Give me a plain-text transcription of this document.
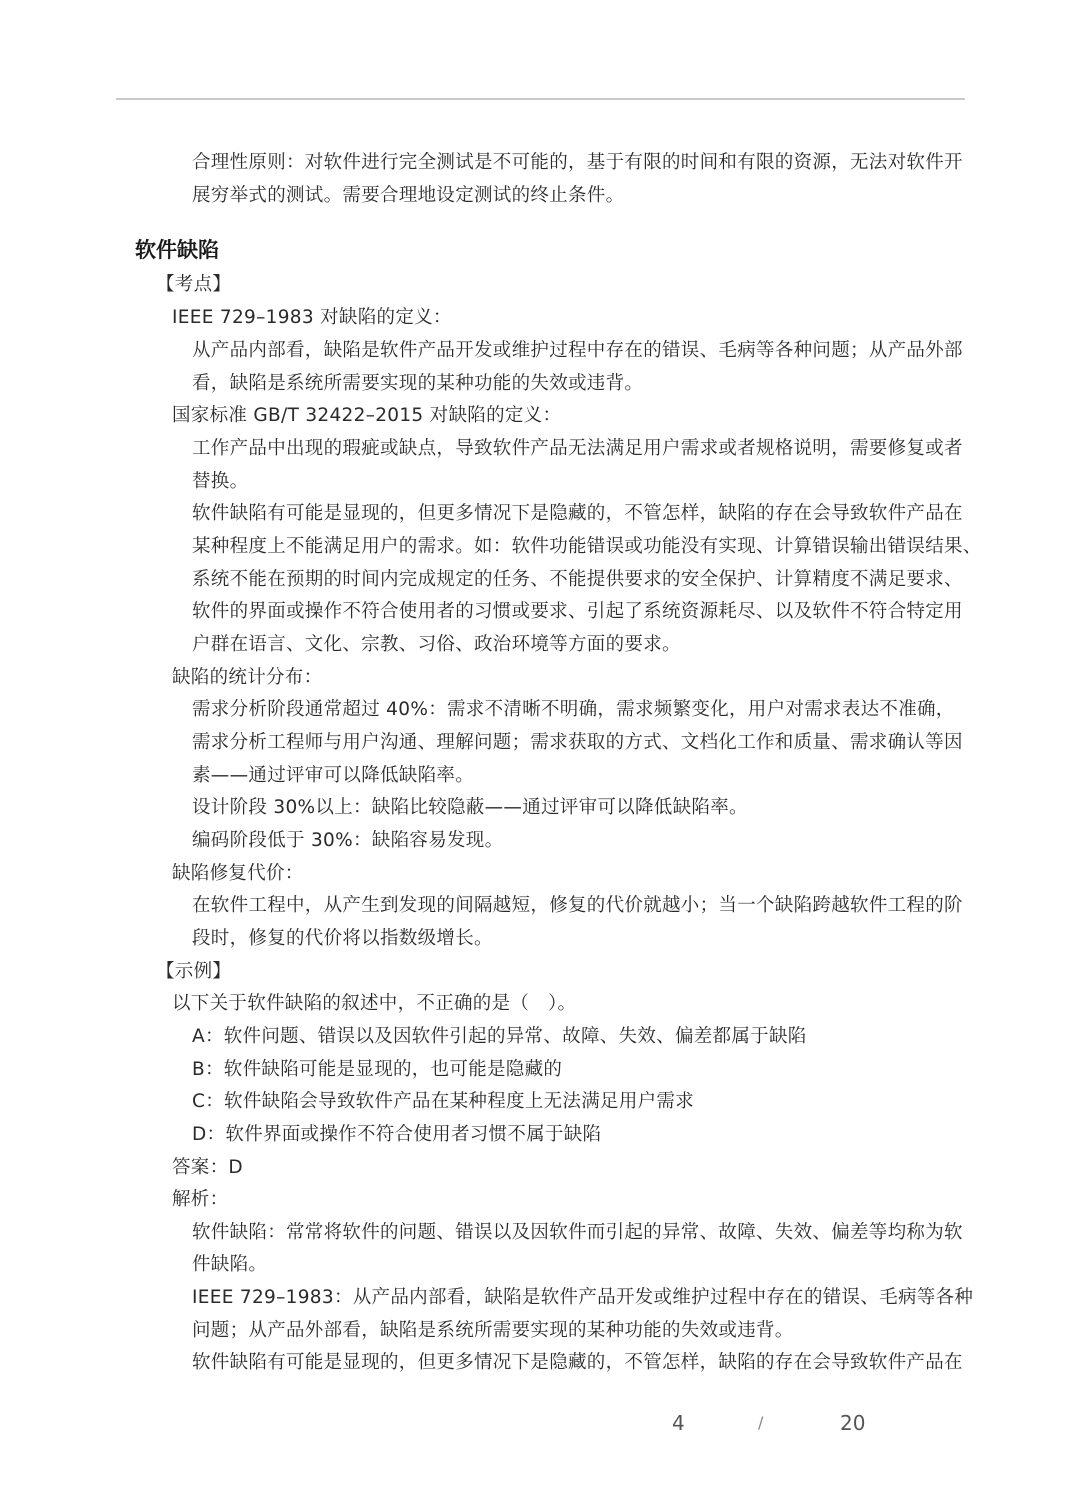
合理性原则：对软件进行完全测试是不可能的，基于有限的时间和有限的资源，无法对软件开
展穷举式的测试。需要合理地设定测试的终止条件。
软件缺陷
【考点】
IEEE 729–1983 对缺陷的定义：
从产品内部看，缺陷是软件产品开发或维护过程中存在的错误、毛病等各种问题；从产品外部
看，缺陷是系统所需要实现的某种功能的失效或违背。
国家标准 GB/T 32422–2015 对缺陷的定义：
工作产品中出现的瑕疵或缺点，导致软件产品无法满足用户需求或者规格说明，需要修复或者
替换。
软件缺陷有可能是显现的，但更多情况下是隐藏的，不管怎样，缺陷的存在会导致软件产品在
某种程度上不能满足用户的需求。如：软件功能错误或功能没有实现、计算错误输出错误结果、
系统不能在预期的时间内完成规定的任务、不能提供要求的安全保护、计算精度不满足要求、
软件的界面或操作不符合使用者的习惯或要求、引起了系统资源耗尽、以及软件不符合特定用
户群在语言、文化、宗教、习俗、政治环境等方面的要求。
缺陷的统计分布：
需求分析阶段通常超过 40%：需求不清晰不明确，需求频繁变化，用户对需求表达不准确，
需求分析工程师与用户沟通、理解问题；需求获取的方式、文档化工作和质量、需求确认等因
素——通过评审可以降低缺陷率。
设计阶段 30%以上：缺陷比较隐蔽——通过评审可以降低缺陷率。
编码阶段低于 30%：缺陷容易发现。
缺陷修复代价：
在软件工程中，从产生到发现的间隔越短，修复的代价就越小；当一个缺陷跨越软件工程的阶
段时，修复的代价将以指数级增长。
【示例】
以下关于软件缺陷的叙述中，不正确的是（　）。
A：软件问题、错误以及因软件引起的异常、故障、失效、偏差都属于缺陷
B：软件缺陷可能是显现的，也可能是隐藏的
C：软件缺陷会导致软件产品在某种程度上无法满足用户需求
D：软件界面或操作不符合使用者习惯不属于缺陷
答案：D
解析：
软件缺陷：常常将软件的问题、错误以及因软件而引起的异常、故障、失效、偏差等均称为软
件缺陷。
IEEE 729–1983：从产品内部看，缺陷是软件产品开发或维护过程中存在的错误、毛病等各种
问题；从产品外部看，缺陷是系统所需要实现的某种功能的失效或违背。
软件缺陷有可能是显现的，但更多情况下是隐藏的，不管怎样，缺陷的存在会导致软件产品在
4	/	20
